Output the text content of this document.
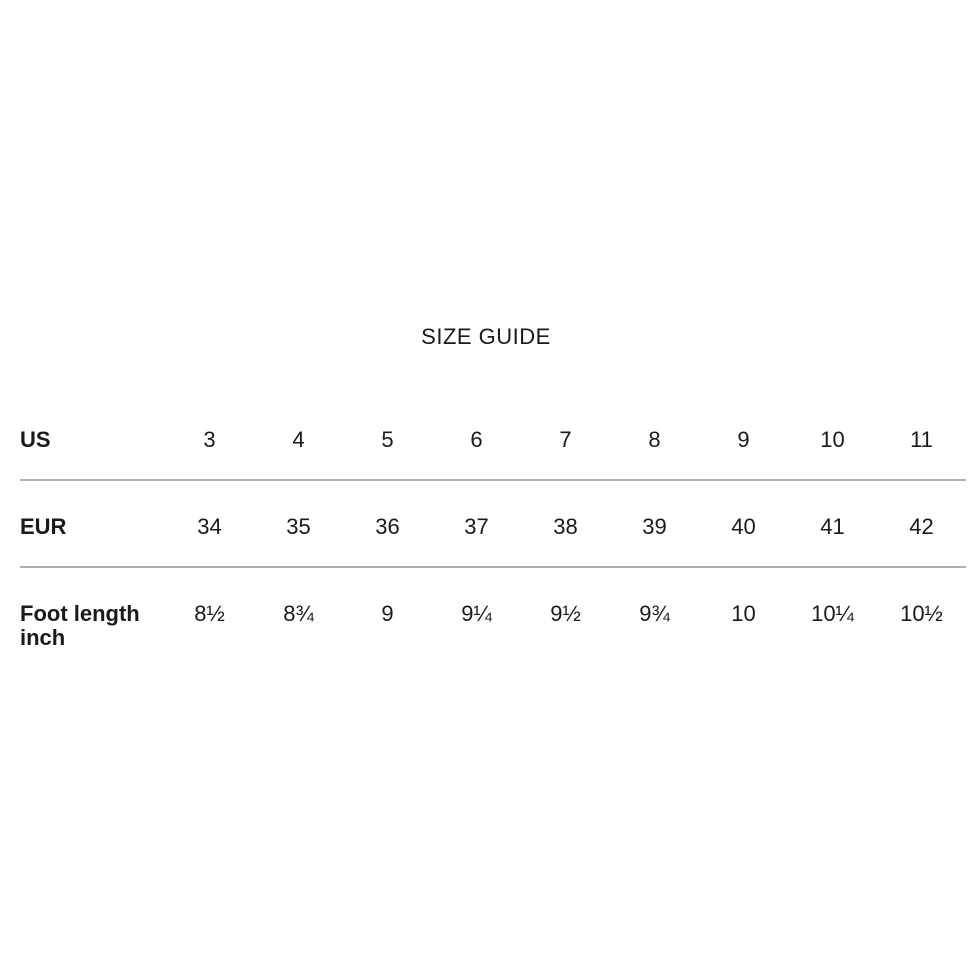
SIZE GUIDE
US	3	4	5	6	7	8	9	10	11
EUR	34	35	36	37	38	39	40	41	42
Foot length inch	8½	8¾	9	9¼	9½	9¾	10	10¼	10½
